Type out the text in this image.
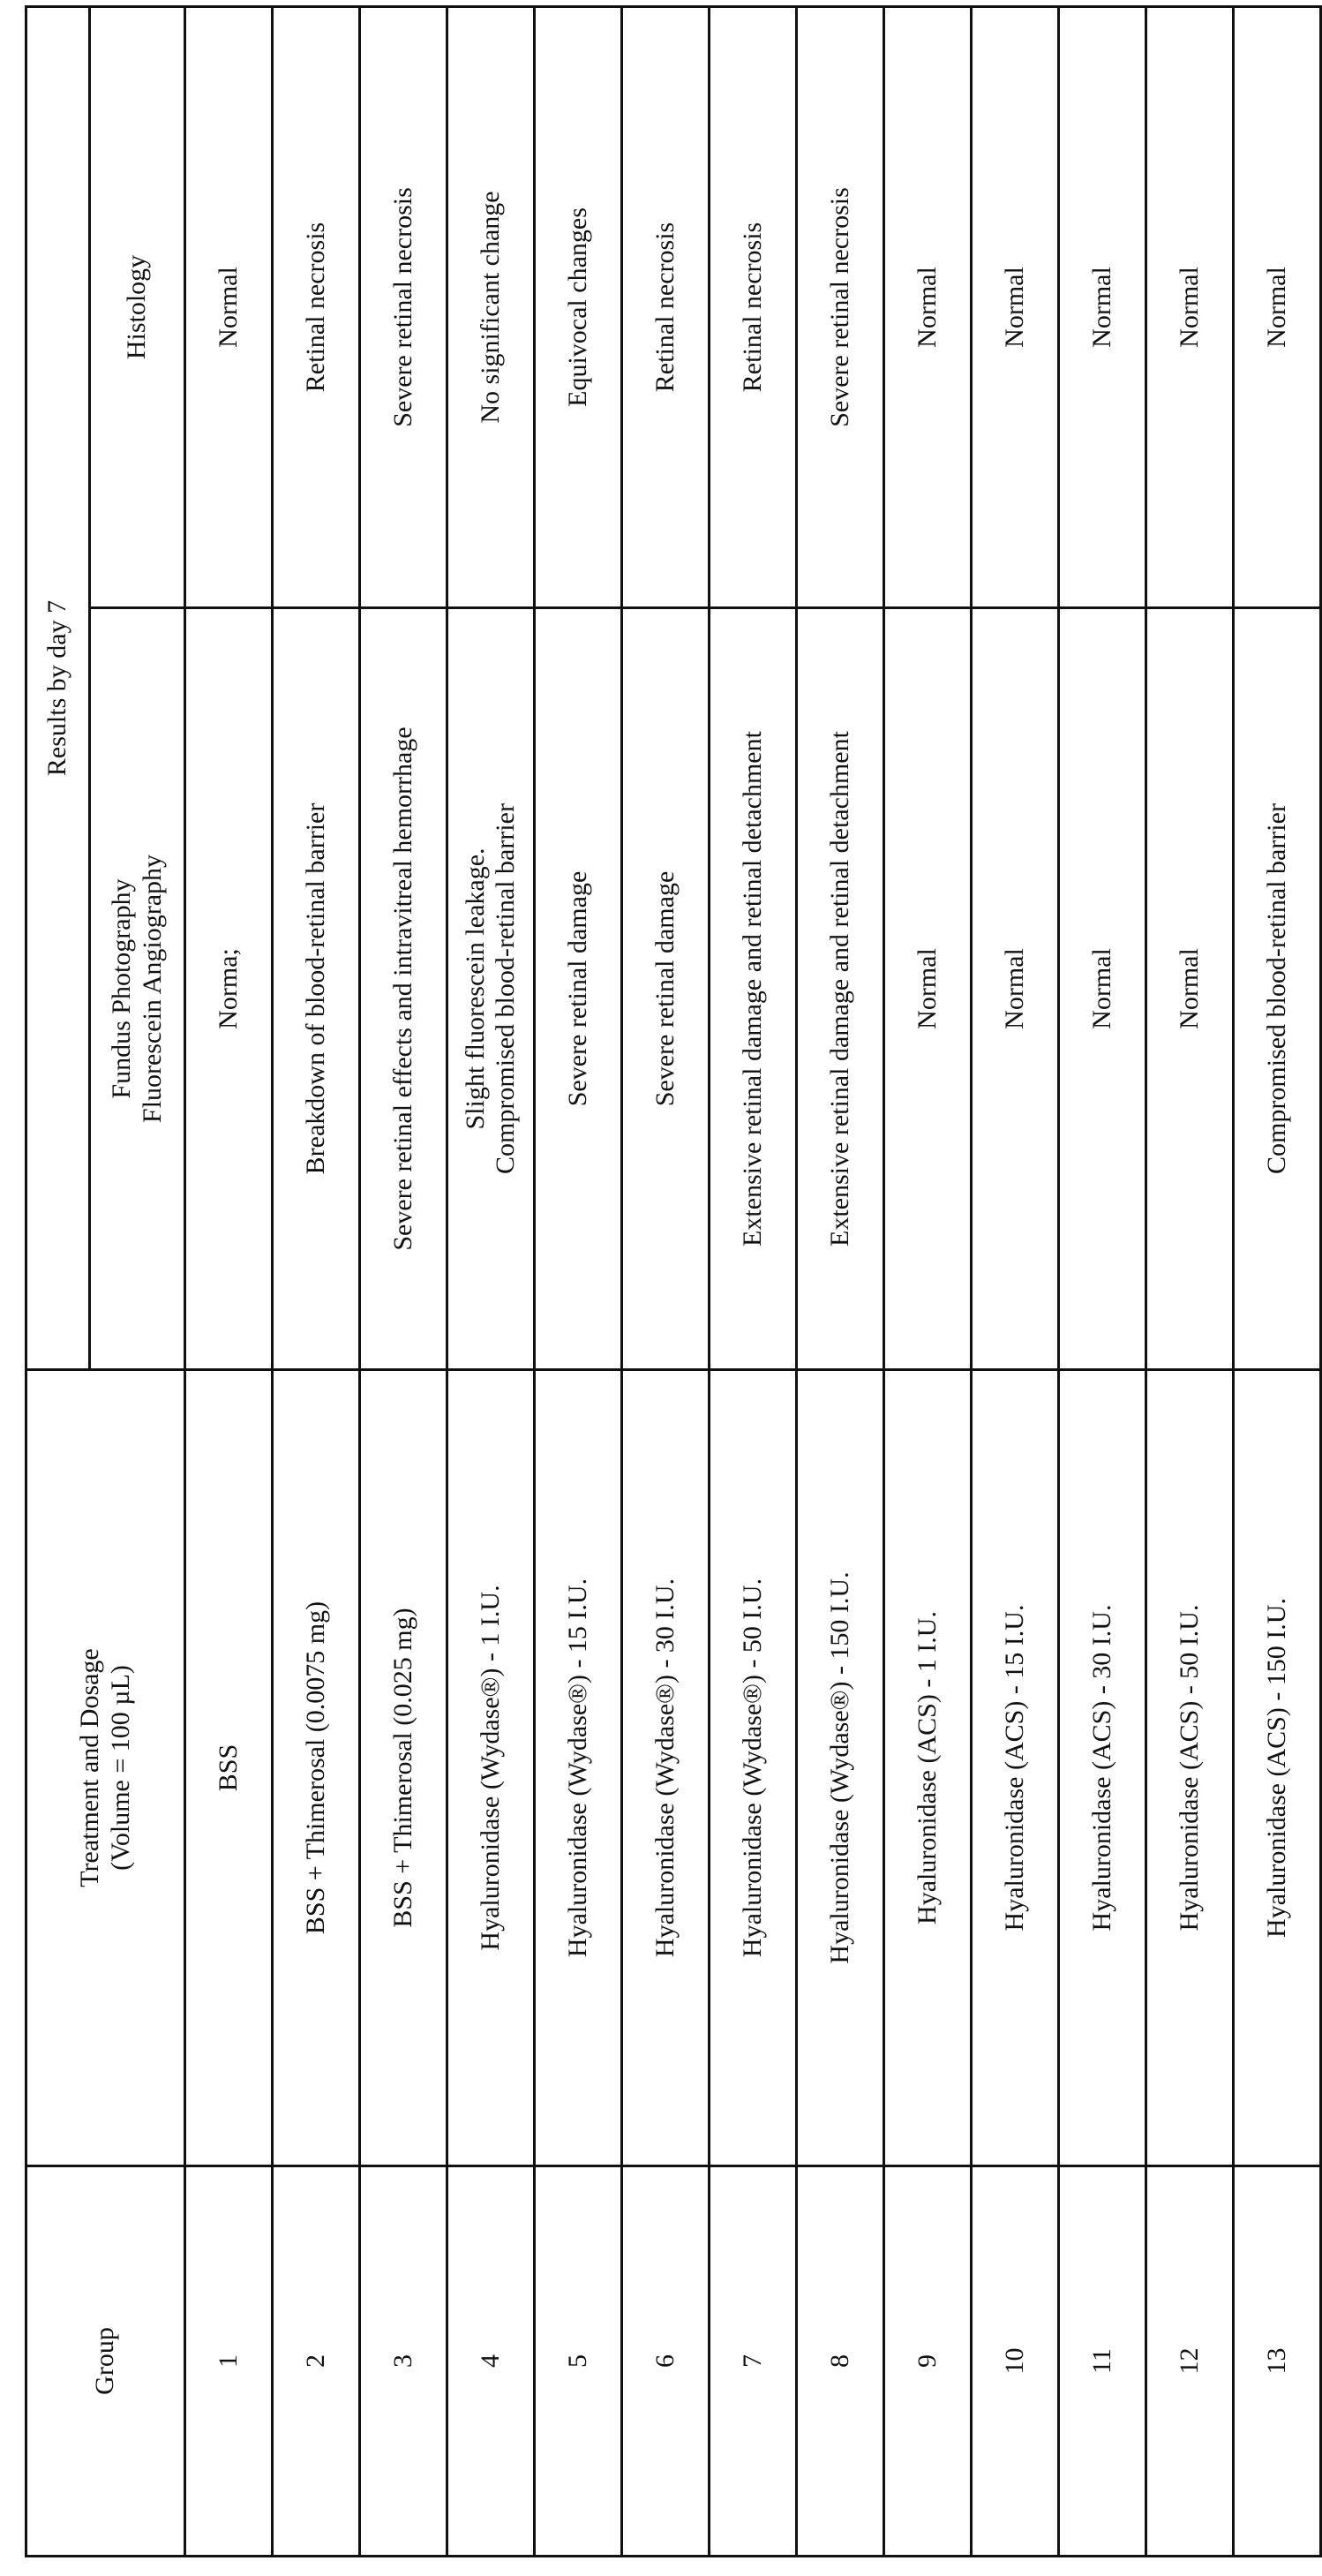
Group	
Treatment and Dosage (Volume = 100 µL)
	Results by day 7

Fundus Photography Fluorescein Angiography
	Histology
1	BSS	
Norma;
	Normal
2	BSS + Thimerosal (0.0075 mg)	
Breakdown of blood-retinal barrier
	Retinal necrosis
3	BSS + Thimerosal (0.025 mg)	
Severe retinal effects and intravitreal hemorrhage
	Severe retinal necrosis
4	Hyaluronidase (Wydase®) - 1 I.U.	
Slight fluorescein leakage. Compromised blood-retinal barrier
	No significant change
5	Hyaluronidase (Wydase®) - 15 I.U.	
Severe retinal damage
	Equivocal changes
6	Hyaluronidase (Wydase®) - 30 I.U.	
Severe retinal damage
	Retinal necrosis
7	Hyaluronidase (Wydase®) - 50 I.U.	
Extensive retinal damage and retinal detachment
	Retinal necrosis
8	Hyaluronidase (Wydase®) - 150 I.U.	
Extensive retinal damage and retinal detachment
	Severe retinal necrosis
9	Hyaluronidase (ACS) - 1 I.U.	
Normal
	Normal
10	Hyaluronidase (ACS) - 15 I.U.	
Normal
	Normal
11	Hyaluronidase (ACS) - 30 I.U.	
Normal
	Normal
12	Hyaluronidase (ACS) - 50 I.U.	
Normal
	Normal
13	Hyaluronidase (ACS) - 150 I.U.	
Compromised blood-retinal barrier
	Normal
